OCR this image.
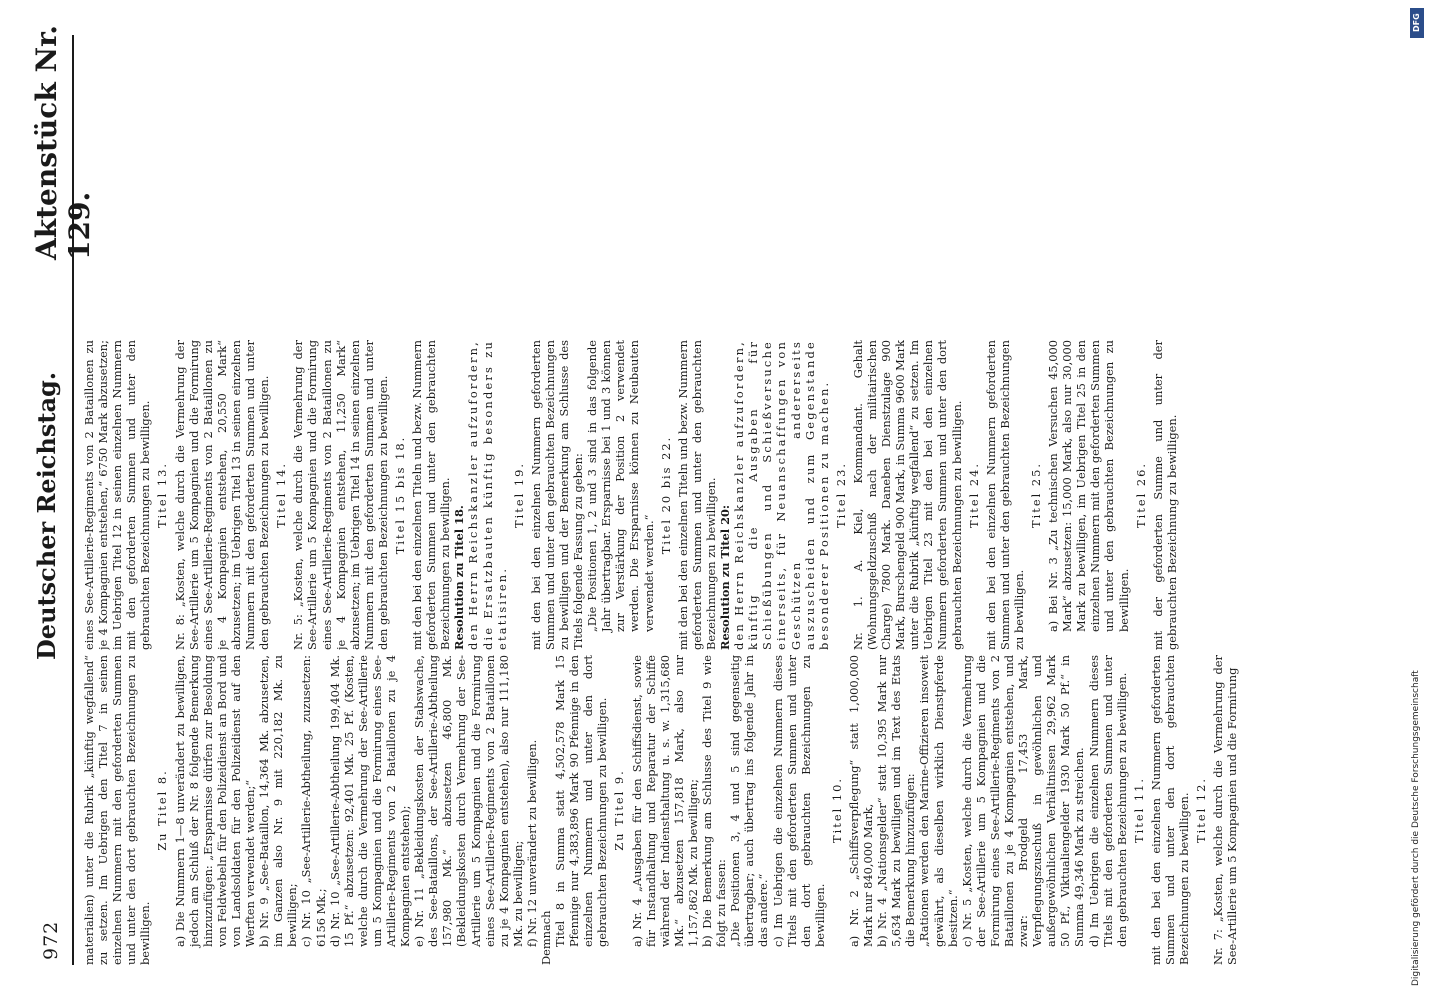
972
Deutscher Reichstag.
Aktenstück Nr. 129.

materialien) unter die Rubrik „künftig wegfallend“ zu setzen. Im Uebrigen den Titel 7 in seinen einzelnen Nummern mit den geforderten Summen und unter den dort gebrauchten Bezeichnungen zu bewilligen.

Zu Titel 8. a) Die Nummern 1—8 unverändert zu bewilligen, jedoch am Schluß der Nr. 8 folgende Bemerkung hinzuzufügen: „Ersparnisse dürfen zur Besoldung von Feldwebeln für den Polizeidienst an Bord und von Landsoldaten für den Polizeidienst auf den Werften verwendet werden;“ b) Nr. 9 „See-Bataillon, 14,364 Mk. abzusetzen, im Ganzen also Nr. 9 mit 220,182 Mk. zu bewilligen; c) Nr. 10 „See-Artillerie-Abtheilung, zuzusetzen: 6156 Mk.; d) Nr. 10 „See-Artillerie-Abtheilung 199,404 Mk. 15 Pf.“ abzusetzen: 92,401 Mk. 25 Pf. (Kosten, welche durch die Vermehrung der See-Artillerie um 5 Kompagnien und die Formirung eines See-Artillerie-Regiments von 2 Bataillonen zu je 4 Kompagnien entstehen); e) Nr. 11 „Bekleidungskosten der Stabswache, des See-Bataillons, der See-Artillerie-Abtheilung 157,980 Mk.“ abzusetzen 46,800 Mk. (Bekleidungskosten durch Vermehrung der See-Artillerie um 5 Kompagnien und die Formirung eines See-Artillerie-Regiments von 2 Bataillonen zu je 4 Kompagnien entstehen), also nur 111,180 Mk. zu bewilligen; f) Nr. 12 unverändert zu bewilligen. Demnach Titel 8 in Summa statt 4,502,578 Mark 15 Pfennige nur 4,383,896 Mark 90 Pfennige in den einzelnen Nummern und unter den dort gebrauchten Bezeichnungen zu bewilligen. Zu Titel 9. a) Nr. 4 „Ausgaben für den Schiffsdienst, sowie für Instandhaltung und Reparatur der Schiffe während der Indiensthaltung u. s. w. 1,315,680 Mk.“ abzusetzen 157,818 Mark, also nur 1,157,862 Mk. zu bewilligen; b) Die Bemerkung am Schlusse des Titel 9 wie folgt zu fassen: „Die Positionen 3, 4 und 5 sind gegenseitig übertragbar; auch übertrag ins folgende Jahr in das andere.“ c) Im Uebrigen die einzelnen Nummern dieses Titels mit den geforderten Summen und unter den dort gebrauchten Bezeichnungen zu bewilligen.

Titel 10. a) Nr. 2 „Schiffsverpflegung“ statt 1,000,000 Mark nur 840,000 Mark, b) Nr. 4 „Nationsgelder“ statt 10,395 Mark nur 5,634 Mark zu bewilligen und im Text des Etats die Bemerkung hinzuzufügen: „Rationen werden den Marine-Offizieren insoweit gewährt, als dieselben wirklich Dienstpferde besitzen.“ c) Nr. 5 „Kosten, welche durch die Vermehrung der See-Artillerie um 5 Kompagnien und die Formirung eines See-Artillerie-Regiments von 2 Bataillonen zu je 4 Kompagnien entstehen, und zwar: Brodgeld 17,453 Mark, Verpflegungszuschuß in gewöhnlichen und außergewöhnlichen Verhältnissen 29,962 Mark 50 Pf., Viktualiengelder 1930 Mark 50 Pf.“ in Summa 49,346 Mark zu streichen. d) Im Uebrigen die einzelnen Nummern dieses Titels mit den geforderten Summen und unter den gebrauchten Bezeichnungen zu bewilligen. Titel 11. mit den bei den einzelnen Nummern geforderten Summen und unter den dort gebrauchten Bezeichnungen zu bewilligen. Titel 12. Nr. 7: „Kosten, welche durch die Vermehrung der See-Artillerie um 5 Kompagnien und die Formirung

eines See-Artillerie-Regiments von 2 Bataillonen zu je 4 Kompagnien entstehen,“ 6750 Mark abzusetzen; im Uebrigen Titel 12 in seinen einzelnen Nummern mit den geforderten Summen und unter den gebrauchten Bezeichnungen zu bewilligen. Titel 13. Nr. 8: „Kosten, welche durch die Vermehrung der See-Artillerie um 5 Kompagnien und die Formirung eines See-Artillerie-Regiments von 2 Bataillonen zu je 4 Kompagnien entstehen, 20,550 Mark“ abzusetzen; im Uebrigen Titel 13 in seinen einzelnen Nummern mit den geforderten Summen und unter den gebrauchten Bezeichnungen zu bewilligen. Titel 14. Nr. 5: „Kosten, welche durch die Vermehrung der See-Artillerie um 5 Kompagnien und die Formirung eines See-Artillerie-Regiments von 2 Bataillonen zu je 4 Kompagnien entstehen, 11,250 Mark“ abzusetzen; im Uebrigen Titel 14 in seinen einzelnen Nummern mit den geforderten Summen und unter den gebrauchten Bezeichnungen zu bewilligen. Titel 15 bis 18. mit den bei den einzelnen Titeln und bezw. Nummern geforderten Summen und unter den gebrauchten Bezeichnungen zu bewilligen. Resolution zu Titel 18. den Herrn Reichskanzler aufzufordern, die Ersatzbauten künftig besonders zu etatisiren.

Titel 19. mit den bei den einzelnen Nummern geforderten Summen und unter den gebrauchten Bezeichnungen zu bewilligen und der Bemerkung am Schlusse des Titels folgende Fassung zu geben: „Die Positionen 1, 2 und 3 sind in das folgende Jahr übertragbar. Ersparnisse bei 1 und 3 können zur Verstärkung der Position 2 verwendet werden. Die Ersparnisse können zu Neubauten verwendet werden.“

Titel 20 bis 22. mit den bei den einzelnen Titeln und bezw. Nummern geforderten Summen und unter den gebrauchten Bezeichnungen zu bewilligen. Resolution zu Titel 20: den Herrn Reichskanzler aufzufordern, künftig die Ausgaben für Schießübungen und Schießversuche einerseits, für Neuanschaffungen von Geschützen andererseits auszuscheiden und zum Gegenstande besonderer Positionen zu machen. Titel 23. Nr. 1. A. Kiel, Kommandant. Gehalt (Wohnungsgeldzuschuß nach der militairischen Charge) 7800 Mark. Daneben Dienstzulage 900 Mark, Burschengeld 900 Mark, in Summa 9600 Mark unter die Rubrik „künftig wegfallend“ zu setzen. Im Uebrigen Titel 23 mit den bei den einzelnen Nummern geforderten Summen und unter den dort gebrauchten Bezeichnungen zu bewilligen. Titel 24. mit den bei den einzelnen Nummern geforderten Summen und unter den gebrauchten Bezeichnungen zu bewilligen.

Titel 25. a) Bei Nr. 3 „Zu technischen Versuchen 45,000 Mark“ abzusetzen: 15,000 Mark, also nur 30,000 Mark zu bewilligen, im Uebrigen Titel 25 in den einzelnen Nummern mit den geforderten Summen und unter den gebrauchten Bezeichnungen zu bewilligen.

Titel 26. mit der geforderten Summe und unter der gebrauchten Bezeichnung zu bewilligen.

DFG
Digitalisierung gefördert durch die Deutsche Forschungsgemeinschaft
